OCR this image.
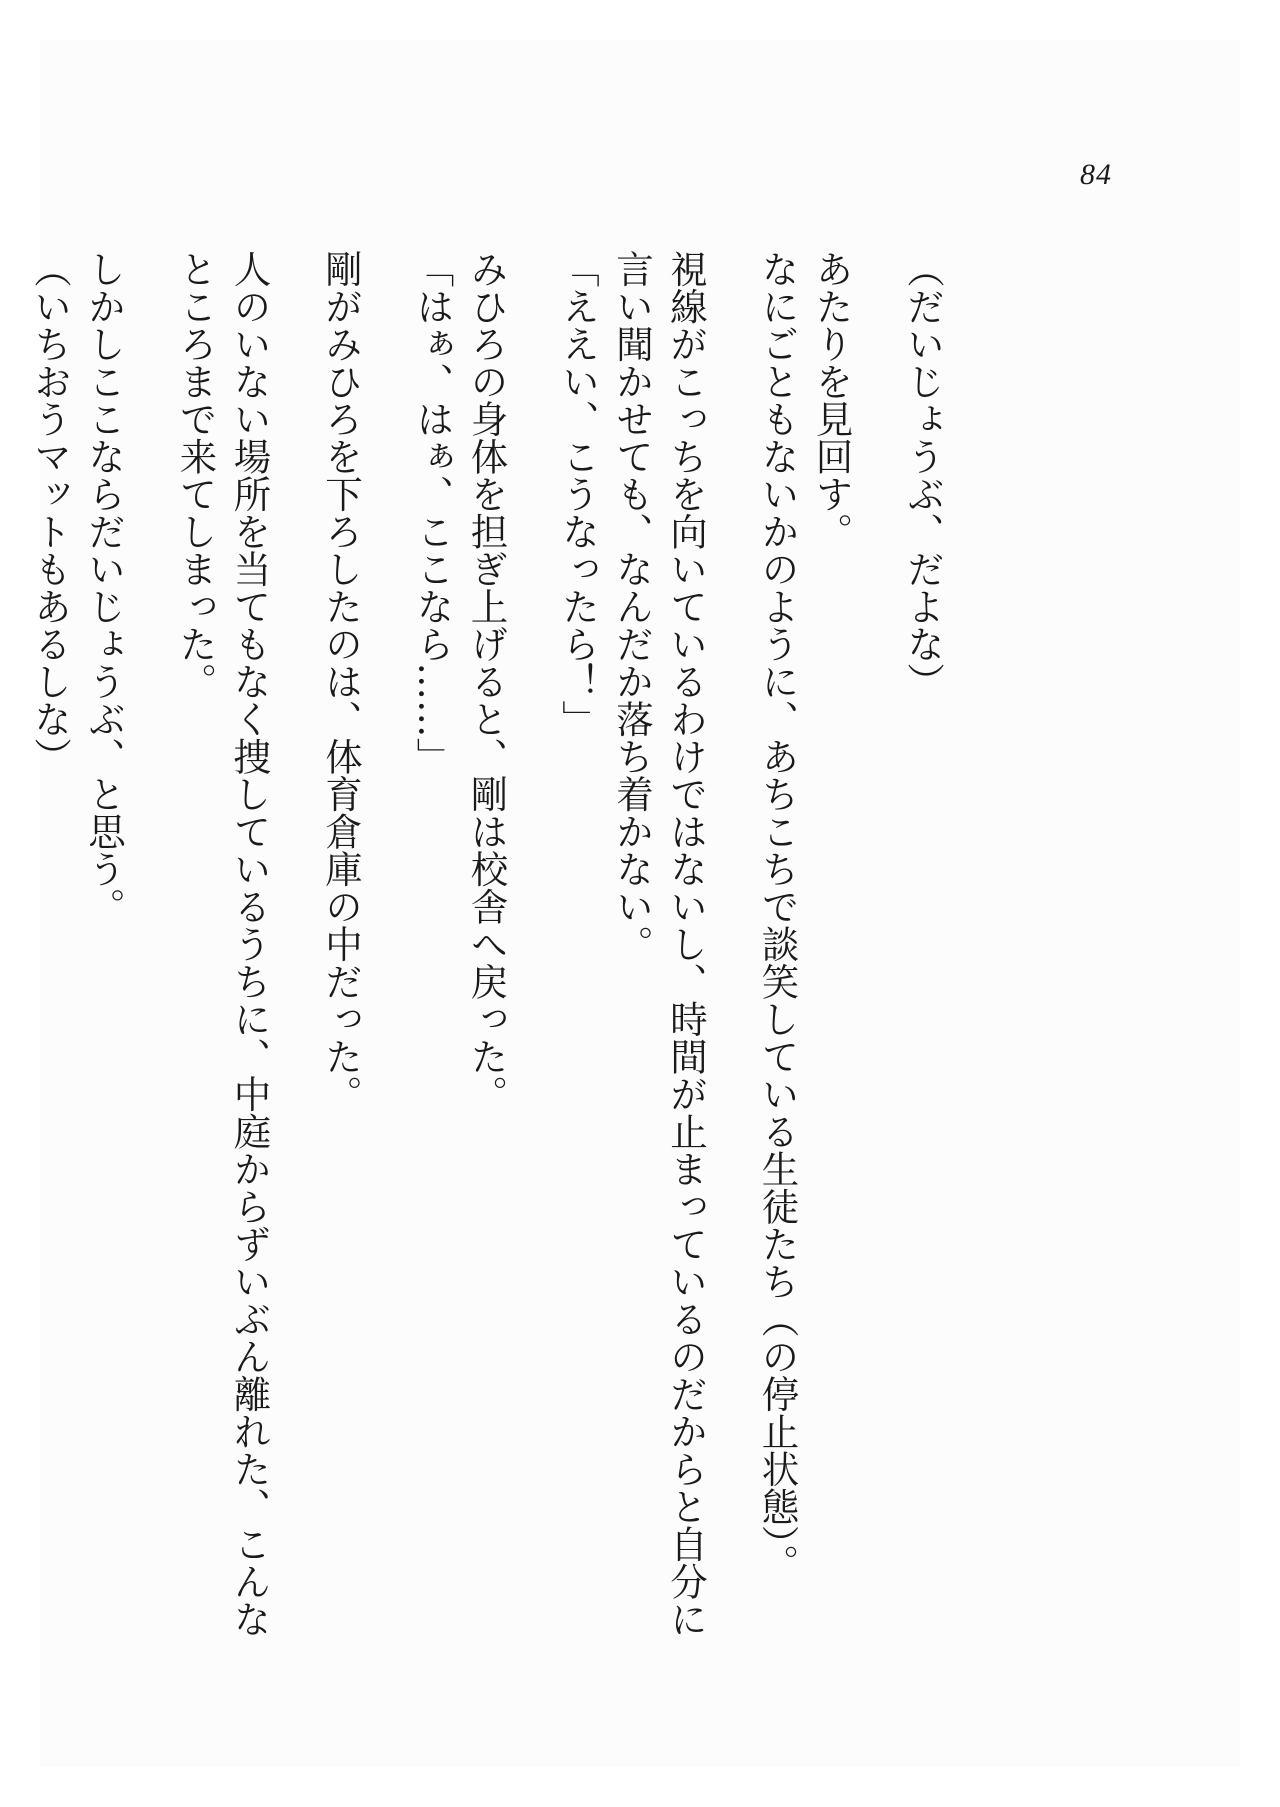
84
（だいじょうぶ、だよな）
あたりを見回す。
なにごともないかのように、あちこちで談笑している生徒たち（の停止状態）。
視線がこっちを向いているわけではないし、時間が止まっているのだからと自分に
言い聞かせても、なんだか落ち着かない。
「ええい、こうなったら！」
みひろの身体を担ぎ上げると、剛は校舎へ戻った。
「はぁ、はぁ、ここなら……」
剛がみひろを下ろしたのは、体育倉庫の中だった。
人のいない場所を当てもなく捜しているうちに、中庭からずいぶん離れた、こんな
ところまで来てしまった。
しかしここならだいじょうぶ、と思う。
（いちおうマットもあるしな）
